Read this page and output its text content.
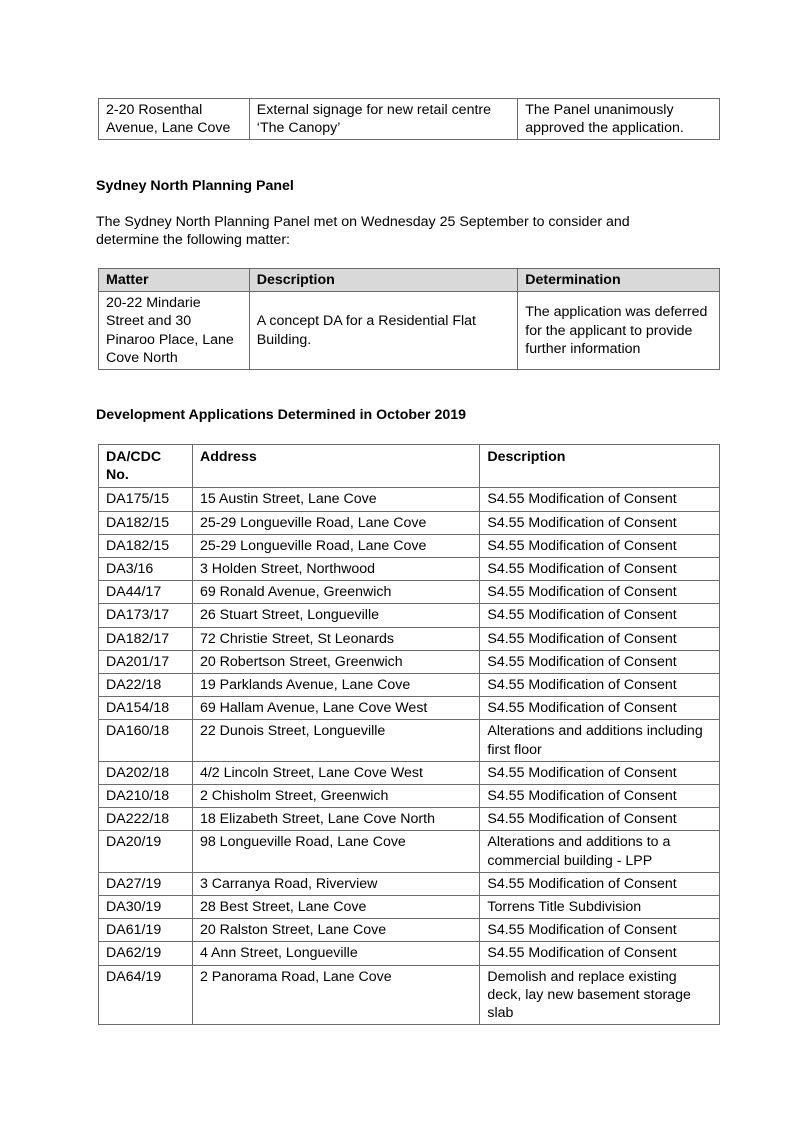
2-20 Rosenthal Avenue, Lane Cove	External signage for new retail centre ‘The Canopy’	The Panel unanimously approved the application.
Sydney North Planning Panel

The Sydney North Planning Panel met on Wednesday 25 September to consider and determine the following matter:

Matter	Description	Determination
20-22 Mindarie Street and 30 Pinaroo Place, Lane Cove North	A concept DA for a Residential Flat Building.	The application was deferred for the applicant to provide further information
Development Applications Determined in October 2019
DA/CDC No.	Address	Description
DA175/15	15 Austin Street, Lane Cove	S4.55 Modification of Consent
DA182/15	25-29 Longueville Road, Lane Cove	S4.55 Modification of Consent
DA182/15	25-29 Longueville Road, Lane Cove	S4.55 Modification of Consent
DA3/16	3 Holden Street, Northwood	S4.55 Modification of Consent
DA44/17	69 Ronald Avenue, Greenwich	S4.55 Modification of Consent
DA173/17	26 Stuart Street, Longueville	S4.55 Modification of Consent
DA182/17	72 Christie Street, St Leonards	S4.55 Modification of Consent
DA201/17	20 Robertson Street, Greenwich	S4.55 Modification of Consent
DA22/18	19 Parklands Avenue, Lane Cove	S4.55 Modification of Consent
DA154/18	69 Hallam Avenue, Lane Cove West	S4.55 Modification of Consent
DA160/18	22 Dunois Street, Longueville	Alterations and additions including first floor
DA202/18	4/2 Lincoln Street, Lane Cove West	S4.55 Modification of Consent
DA210/18	2 Chisholm Street, Greenwich	S4.55 Modification of Consent
DA222/18	18 Elizabeth Street, Lane Cove North	S4.55 Modification of Consent
DA20/19	98 Longueville Road, Lane Cove	Alterations and additions to a commercial building - LPP
DA27/19	3 Carranya Road, Riverview	S4.55 Modification of Consent
DA30/19	28 Best Street, Lane Cove	Torrens Title Subdivision
DA61/19	20 Ralston Street, Lane Cove	S4.55 Modification of Consent
DA62/19	4 Ann Street, Longueville	S4.55 Modification of Consent
DA64/19	2 Panorama Road, Lane Cove	Demolish and replace existing deck, lay new basement storage slab
